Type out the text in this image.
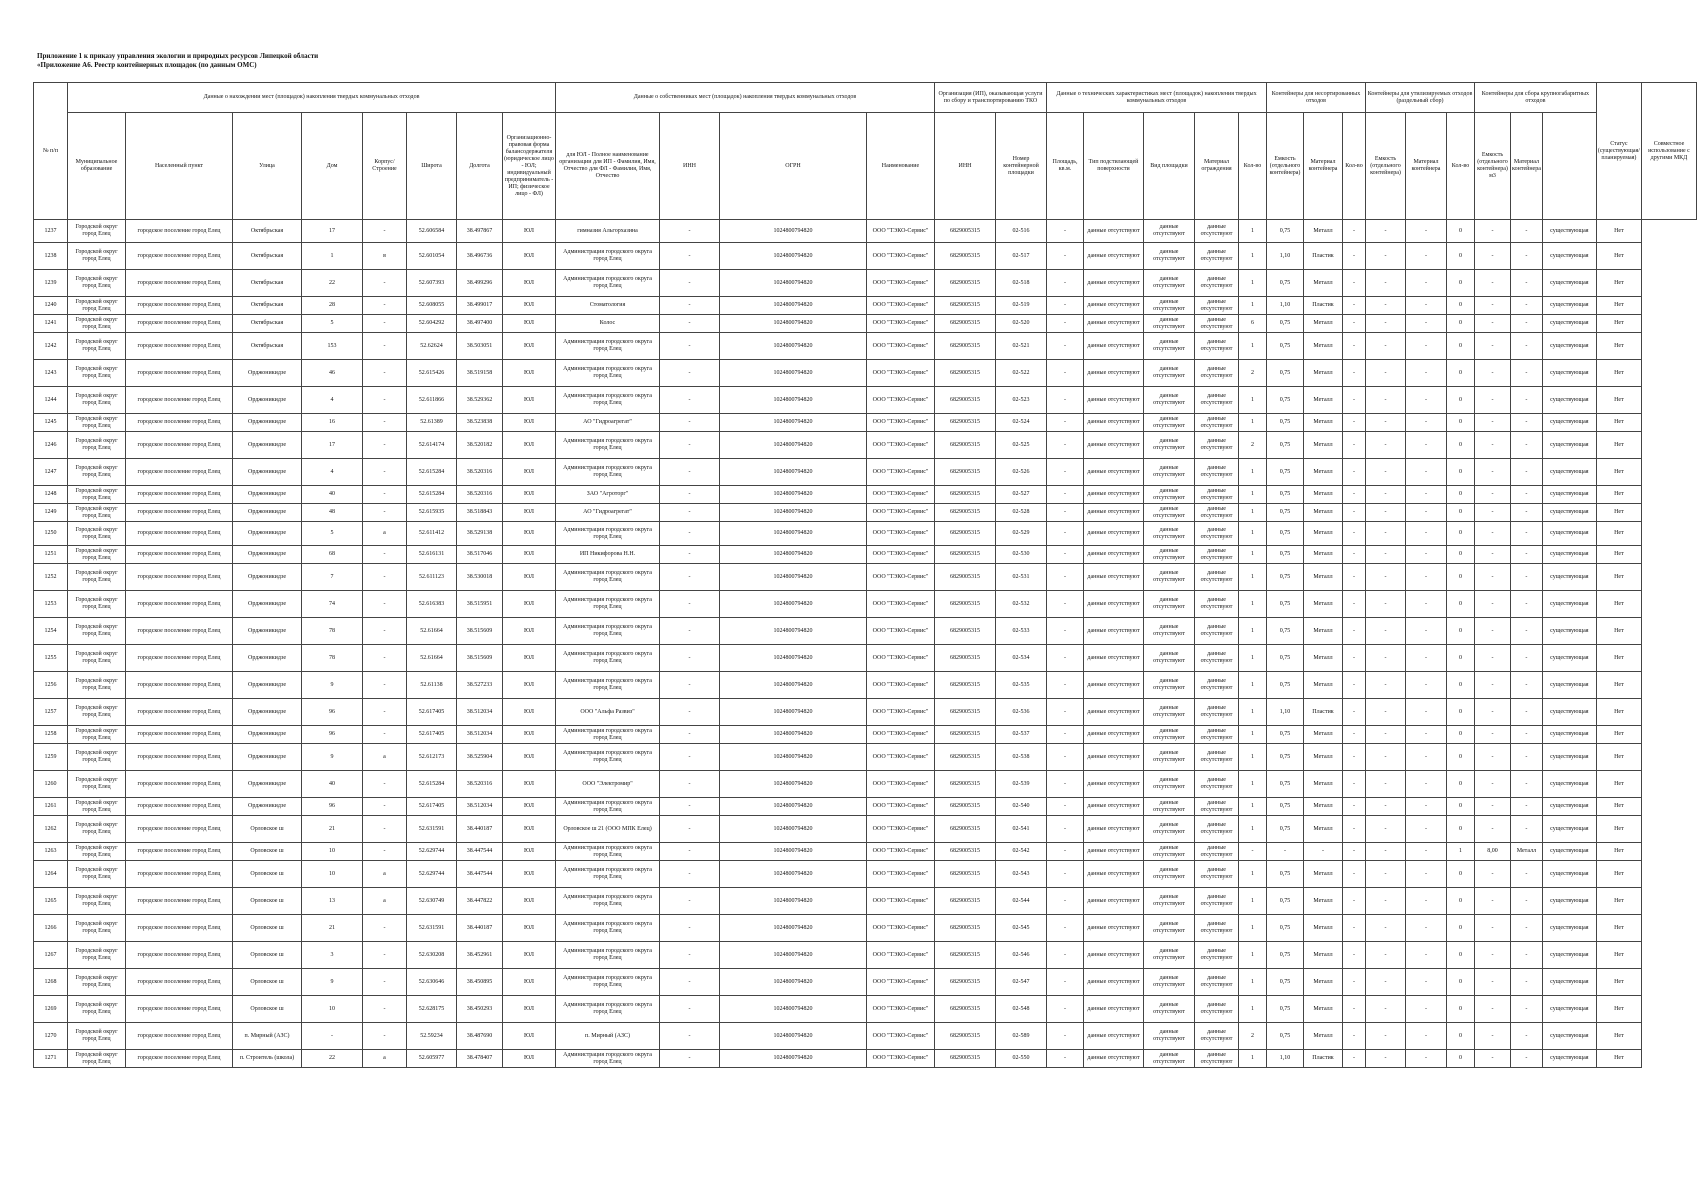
Приложение 1 к приказу управления экологии и природных ресурсов Липецкой области
«Приложение А6. Реестр контейнерных площадок (по данным ОМС)
№ п/п	Данные о нахождении мест (площадок) накопления твердых коммунальных отходов								Данные о собственниках мест (площадок) накопления твердых коммунальных отходов				Организация (ИП), оказывающая услуги по сбору и транспортированию ТКО		Данные о технических характеристиках мест (площадок) накопления твердых коммунальных отходов					Контейнеры для несортированных отходов			Контейнеры для утилизируемых отходов (раздельный сбор)			Контейнеры для сбора крупногабаритных отходов			Статус (существующая/планируемая)	Совместное использование с другими МКД
	Муниципальное образование	Населенный пункт	Улица	Дом	Корпус/Строение	Широта	Долгота	Организационно-правовая форма балансодержателя (юридическое лицо - ЮЛ; индивидуальный предприниматель - ИП; физическое лицо - ФЛ)	для ЮЛ - Полное наименование организации для ИП - Фамилия, Имя, Отчество для ФЛ - Фамилия, Имя, Отчество	ИНН	ОГРН	Наименование	ИНН	Номер контейнерной площадки	Площадь, кв.м.	Тип подстилающей поверхности	Вид площадки	Материал ограждения	Кол-во	Емкость (отдельного контейнера)	Материал контейнера	Кол-во	Емкость (отдельного контейнера)	Материал контейнера	Кол-во	Емкость (отдельного контейнера) м3	Материал контейнера			
1237	Городской округ город Елец	городское поселение город Елец	Октябрьская	17	-	52.606584	38.497867	ЮЛ	гимназия Альгорхазина	-	1024800794820	ООО "ТЭКО-Сервис"	6829005315	02-516	-	данные отсутствуют	данные отсутствуют	данные отсутствуют	1	0,75	Металл	-	-	-	0	-	-	существующая	Нет	
1238	Городской округ город Елец	городское поселение город Елец	Октябрьская	1	в	52.601054	38.496736	ЮЛ	Администрация городского округа город Елец	-	1024800794820	ООО "ТЭКО-Сервис"	6829005315	02-517	-	данные отсутствуют	данные отсутствуют	данные отсутствуют	1	1,10	Пластик	-	-	-	0	-	-	существующая	Нет	
1239	Городской округ город Елец	городское поселение город Елец	Октябрьская	22	-	52.607393	38.499296	ЮЛ	Администрация городского округа город Елец	-	1024800794820	ООО "ТЭКО-Сервис"	6829005315	02-518	-	данные отсутствуют	данные отсутствуют	данные отсутствуют	1	0,75	Металл	-	-	-	0	-	-	существующая	Нет	
1240	Городской округ город Елец	городское поселение город Елец	Октябрьская	28	-	52.608055	38.499017	ЮЛ	Стоматология	-	1024800794820	ООО "ТЭКО-Сервис"	6829005315	02-519	-	данные отсутствуют	данные отсутствуют	данные отсутствуют	1	1,10	Пластик	-	-	-	0	-	-	существующая	Нет	
1241	Городской округ город Елец	городское поселение город Елец	Октябрьская	5	-	52.604292	38.497400	ЮЛ	Колос	-	1024800794820	ООО "ТЭКО-Сервис"	6829005315	02-520	-	данные отсутствуют	данные отсутствуют	данные отсутствуют	6	0,75	Металл	-	-	-	0	-	-	существующая	Нет	
1242	Городской округ город Елец	городское поселение город Елец	Октябрьская	153	-	52.62624	38.503051	ЮЛ	Администрация городского округа город Елец	-	1024800794820	ООО "ТЭКО-Сервис"	6829005315	02-521	-	данные отсутствуют	данные отсутствуют	данные отсутствуют	1	0,75	Металл	-	-	-	0	-	-	существующая	Нет	
1243	Городской округ город Елец	городское поселение город Елец	Орджоникидзе	46	-	52.615426	38.519158	ЮЛ	Администрация городского округа город Елец	-	1024800794820	ООО "ТЭКО-Сервис"	6829005315	02-522	-	данные отсутствуют	данные отсутствуют	данные отсутствуют	2	0,75	Металл	-	-	-	0	-	-	существующая	Нет	
1244	Городской округ город Елец	городское поселение город Елец	Орджоникидзе	4	-	52.611866	38.529362	ЮЛ	Администрация городского округа город Елец	-	1024800794820	ООО "ТЭКО-Сервис"	6829005315	02-523	-	данные отсутствуют	данные отсутствуют	данные отсутствуют	1	0,75	Металл	-	-	-	0	-	-	существующая	Нет	
1245	Городской округ город Елец	городское поселение город Елец	Орджоникидзе	16	-	52.61389	38.523838	ЮЛ	АО "Гидроагрегат"	-	1024800794820	ООО "ТЭКО-Сервис"	6829005315	02-524	-	данные отсутствуют	данные отсутствуют	данные отсутствуют	1	0,75	Металл	-	-	-	0	-	-	существующая	Нет	
1246	Городской округ город Елец	городское поселение город Елец	Орджоникидзе	17	-	52.614174	38.520182	ЮЛ	Администрация городского округа город Елец	-	1024800794820	ООО "ТЭКО-Сервис"	6829005315	02-525	-	данные отсутствуют	данные отсутствуют	данные отсутствуют	2	0,75	Металл	-	-	-	0	-	-	существующая	Нет	
1247	Городской округ город Елец	городское поселение город Елец	Орджоникидзе	4	-	52.615284	38.520316	ЮЛ	Администрация городского округа город Елец	-	1024800794820	ООО "ТЭКО-Сервис"	6829005315	02-526	-	данные отсутствуют	данные отсутствуют	данные отсутствуют	1	0,75	Металл	-	-	-	0	-	-	существующая	Нет	
1248	Городской округ город Елец	городское поселение город Елец	Орджоникидзе	40	-	52.615284	38.520316	ЮЛ	ЗАО "Агроторг"	-	1024800794820	ООО "ТЭКО-Сервис"	6829005315	02-527	-	данные отсутствуют	данные отсутствуют	данные отсутствуют	1	0,75	Металл	-	-	-	0	-	-	существующая	Нет	
1249	Городской округ город Елец	городское поселение город Елец	Орджоникидзе	48	-	52.615935	38.518843	ЮЛ	АО "Гидроагрегат"	-	1024800794820	ООО "ТЭКО-Сервис"	6829005315	02-528	-	данные отсутствуют	данные отсутствуют	данные отсутствуют	1	0,75	Металл	-	-	-	0	-	-	существующая	Нет	
1250	Городской округ город Елец	городское поселение город Елец	Орджоникидзе	5	а	52.611412	38.529138	ЮЛ	Администрация городского округа город Елец	-	1024800794820	ООО "ТЭКО-Сервис"	6829005315	02-529	-	данные отсутствуют	данные отсутствуют	данные отсутствуют	1	0,75	Металл	-	-	-	0	-	-	существующая	Нет	
1251	Городской округ город Елец	городское поселение город Елец	Орджоникидзе	68	-	52.616131	38.517046	ЮЛ	ИП Никифорова Н.Н.	-	1024800794820	ООО "ТЭКО-Сервис"	6829005315	02-530	-	данные отсутствуют	данные отсутствуют	данные отсутствуют	1	0,75	Металл	-	-	-	0	-	-	существующая	Нет	
1252	Городской округ город Елец	городское поселение город Елец	Орджоникидзе	7	-	52.611123	38.530018	ЮЛ	Администрация городского округа город Елец	-	1024800794820	ООО "ТЭКО-Сервис"	6829005315	02-531	-	данные отсутствуют	данные отсутствуют	данные отсутствуют	1	0,75	Металл	-	-	-	0	-	-	существующая	Нет	
1253	Городской округ город Елец	городское поселение город Елец	Орджоникидзе	74	-	52.616383	38.515951	ЮЛ	Администрация городского округа город Елец	-	1024800794820	ООО "ТЭКО-Сервис"	6829005315	02-532	-	данные отсутствуют	данные отсутствуют	данные отсутствуют	1	0,75	Металл	-	-	-	0	-	-	существующая	Нет	
1254	Городской округ город Елец	городское поселение город Елец	Орджоникидзе	78	-	52.61664	38.515609	ЮЛ	Администрация городского округа город Елец	-	1024800794820	ООО "ТЭКО-Сервис"	6829005315	02-533	-	данные отсутствуют	данные отсутствуют	данные отсутствуют	1	0,75	Металл	-	-	-	0	-	-	существующая	Нет	
1255	Городской округ город Елец	городское поселение город Елец	Орджоникидзе	78	-	52.61664	38.515609	ЮЛ	Администрация городского округа город Елец	-	1024800794820	ООО "ТЭКО-Сервис"	6829005315	02-534	-	данные отсутствуют	данные отсутствуют	данные отсутствуют	1	0,75	Металл	-	-	-	0	-	-	существующая	Нет	
1256	Городской округ город Елец	городское поселение город Елец	Орджоникидзе	9	-	52.61138	38.527233	ЮЛ	Администрация городского округа город Елец	-	1024800794820	ООО "ТЭКО-Сервис"	6829005315	02-535	-	данные отсутствуют	данные отсутствуют	данные отсутствуют	1	0,75	Металл	-	-	-	0	-	-	существующая	Нет	
1257	Городской округ город Елец	городское поселение город Елец	Орджоникидзе	96	-	52.617405	38.512034	ЮЛ	ООО "Альфа Развиз"	-	1024800794820	ООО "ТЭКО-Сервис"	6829005315	02-536	-	данные отсутствуют	данные отсутствуют	данные отсутствуют	1	1,10	Пластик	-	-	-	0	-	-	существующая	Нет	
1258	Городской округ город Елец	городское поселение город Елец	Орджоникидзе	96	-	52.617405	38.512034	ЮЛ	Администрация городского округа город Елец	-	1024800794820	ООО "ТЭКО-Сервис"	6829005315	02-537	-	данные отсутствуют	данные отсутствуют	данные отсутствуют	1	0,75	Металл	-	-	-	0	-	-	существующая	Нет	
1259	Городской округ город Елец	городское поселение город Елец	Орджоникидзе	9	а	52.612173	38.525904	ЮЛ	Администрация городского округа город Елец	-	1024800794820	ООО "ТЭКО-Сервис"	6829005315	02-538	-	данные отсутствуют	данные отсутствуют	данные отсутствуют	1	0,75	Металл	-	-	-	0	-	-	существующая	Нет	
1260	Городской округ город Елец	городское поселение город Елец	Орджоникидзе	40	-	52.615284	38.520316	ЮЛ	ООО "Электромир"	-	1024800794820	ООО "ТЭКО-Сервис"	6829005315	02-539	-	данные отсутствуют	данные отсутствуют	данные отсутствуют	1	0,75	Металл	-	-	-	0	-	-	существующая	Нет	
1261	Городской округ город Елец	городское поселение город Елец	Орджоникидзе	96	-	52.617405	38.512034	ЮЛ	Администрация городского округа город Елец	-	1024800794820	ООО "ТЭКО-Сервис"	6829005315	02-540	-	данные отсутствуют	данные отсутствуют	данные отсутствуют	1	0,75	Металл	-	-	-	0	-	-	существующая	Нет	
1262	Городской округ город Елец	городское поселение город Елец	Орловское ш	21	-	52.631591	38.440187	ЮЛ	Орловское ш 21 (ООО МПК Елец)	-	1024800794820	ООО "ТЭКО-Сервис"	6829005315	02-541	-	данные отсутствуют	данные отсутствуют	данные отсутствуют	1	0,75	Металл	-	-	-	0	-	-	существующая	Нет	
1263	Городской округ город Елец	городское поселение город Елец	Орловское ш	10	-	52.629744	38.447544	ЮЛ	Администрация городского округа город Елец	-	1024800794820	ООО "ТЭКО-Сервис"	6829005315	02-542	-	данные отсутствуют	данные отсутствуют	данные отсутствуют	-	-	-	-	-	-	1	8,00	Металл	существующая	Нет	
1264	Городской округ город Елец	городское поселение город Елец	Орловское ш	10	а	52.629744	38.447544	ЮЛ	Администрация городского округа город Елец	-	1024800794820	ООО "ТЭКО-Сервис"	6829005315	02-543	-	данные отсутствуют	данные отсутствуют	данные отсутствуют	1	0,75	Металл	-	-	-	0	-	-	существующая	Нет	
1265	Городской округ город Елец	городское поселение город Елец	Орловское ш	13	а	52.630749	38.447822	ЮЛ	Администрация городского округа город Елец	-	1024800794820	ООО "ТЭКО-Сервис"	6829005315	02-544	-	данные отсутствуют	данные отсутствуют	данные отсутствуют	1	0,75	Металл	-	-	-	0	-	-	существующая	Нет	
1266	Городской округ город Елец	городское поселение город Елец	Орловское ш	21	-	52.631591	38.440187	ЮЛ	Администрация городского округа город Елец	-	1024800794820	ООО "ТЭКО-Сервис"	6829005315	02-545	-	данные отсутствуют	данные отсутствуют	данные отсутствуют	1	0,75	Металл	-	-	-	0	-	-	существующая	Нет	
1267	Городской округ город Елец	городское поселение город Елец	Орловское ш	3	-	52.630208	38.452961	ЮЛ	Администрация городского округа город Елец	-	1024800794820	ООО "ТЭКО-Сервис"	6829005315	02-546	-	данные отсутствуют	данные отсутствуют	данные отсутствуют	1	0,75	Металл	-	-	-	0	-	-	существующая	Нет	
1268	Городской округ город Елец	городское поселение город Елец	Орловское ш	9	-	52.630646	38.450895	ЮЛ	Администрация городского округа город Елец	-	1024800794820	ООО "ТЭКО-Сервис"	6829005315	02-547	-	данные отсутствуют	данные отсутствуют	данные отсутствуют	1	0,75	Металл	-	-	-	0	-	-	существующая	Нет	
1269	Городской округ город Елец	городское поселение город Елец	Орловское ш	10	-	52.628175	38.450293	ЮЛ	Администрация городского округа город Елец	-	1024800794820	ООО "ТЭКО-Сервис"	6829005315	02-548	-	данные отсутствуют	данные отсутствуют	данные отсутствуют	1	0,75	Металл	-	-	-	0	-	-	существующая	Нет	
1270	Городской округ город Елец	городское поселение город Елец	п. Мирный (АЗС)	-	-	52.59234	38.487690	ЮЛ	п. Мирный (АЗС)	-	1024800794820	ООО "ТЭКО-Сервис"	6829005315	02-589	-	данные отсутствуют	данные отсутствуют	данные отсутствуют	2	0,75	Металл	-	-	-	0	-	-	существующая	Нет	
1271	Городской округ город Елец	городское поселение город Елец	п. Строитель (школа)	22	а	52.605977	38.478407	ЮЛ	Администрация городского округа город Елец	-	1024800794820	ООО "ТЭКО-Сервис"	6829005315	02-550	-	данные отсутствуют	данные отсутствуют	данные отсутствуют	1	1,10	Пластик	-	-	-	0	-	-	существующая	Нет	
